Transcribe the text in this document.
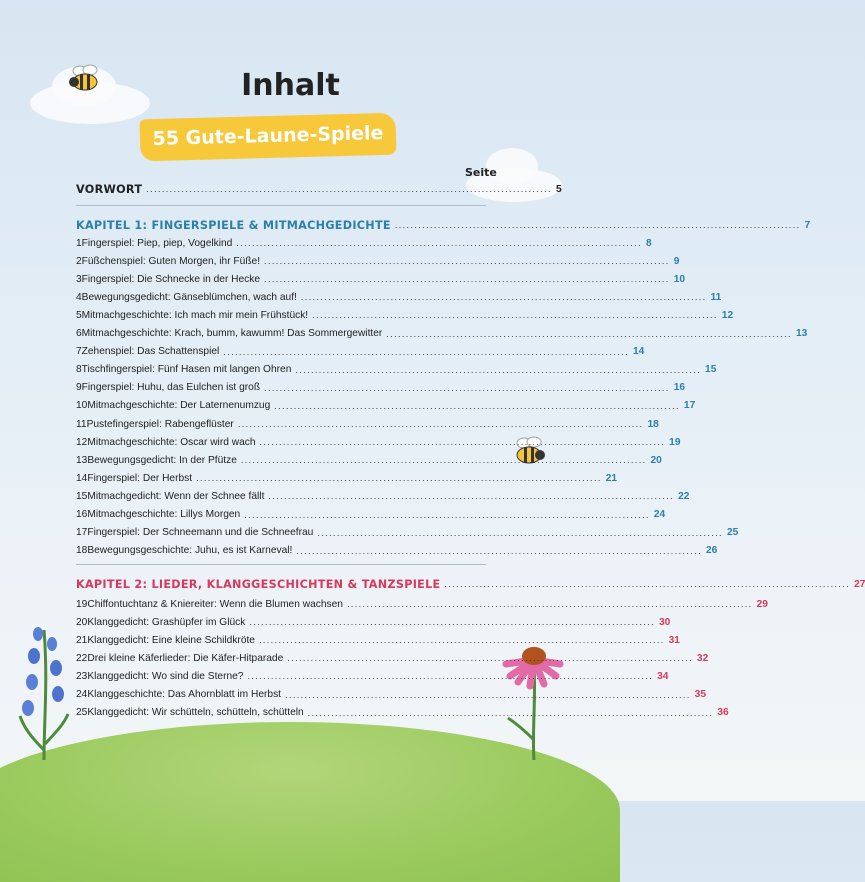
Inhalt
55 Gute-Laune-Spiele
Seite
VORWORT ........................................................................................................ 5
KAPITEL 1: FINGERSPIELE & MITMACHGEDICHTE ........................................................................................................ 7
1 Fingerspiel: Piep, piep, Vogelkind ........................................................................................................ 8
2 Füßchenspiel: Guten Morgen, ihr Füße! ........................................................................................................ 9
3 Fingerspiel: Die Schnecke in der Hecke ........................................................................................................ 10
4 Bewegungsgedicht: Gänseblümchen, wach auf! ........................................................................................................ 11
5 Mitmachgeschichte: Ich mach mir mein Frühstück! ........................................................................................................ 12
6 Mitmachgeschichte: Krach, bumm, kawumm! Das Sommergewitter ........................................................................................................ 13
7 Zehenspiel: Das Schattenspiel ........................................................................................................ 14
8 Tischfingerspiel: Fünf Hasen mit langen Ohren ........................................................................................................ 15
9 Fingerspiel: Huhu, das Eulchen ist groß ........................................................................................................ 16
10 Mitmachgeschichte: Der Laternenumzug ........................................................................................................ 17
11 Pustefingerspiel: Rabengeflüster ........................................................................................................ 18
12 Mitmachgeschichte: Oscar wird wach ........................................................................................................ 19
13 Bewegungsgedicht: In der Pfütze ........................................................................................................ 20
14 Fingerspiel: Der Herbst ........................................................................................................ 21
15 Mitmachgedicht: Wenn der Schnee fällt ........................................................................................................ 22
16 Mitmachgeschichte: Lillys Morgen ........................................................................................................ 24
17 Fingerspiel: Der Schneemann und die Schneefrau ........................................................................................................ 25
18 Bewegungsgeschichte: Juhu, es ist Karneval! ........................................................................................................ 26
KAPITEL 2: LIEDER, KLANGGESCHICHTEN & TANZSPIELE ........................................................................................................ 27
19 Chiffontuchtanz & Kniereiter: Wenn die Blumen wachsen ........................................................................................................ 29
20 Klanggedicht: Grashüpfer im Glück ........................................................................................................ 30
21 Klanggedicht: Eine kleine Schildkröte ........................................................................................................ 31
22 Drei kleine Käferlieder: Die Käfer-Hitparade ........................................................................................................ 32
23 Klanggedicht: Wo sind die Sterne? ........................................................................................................ 34
24 Klanggeschichte: Das Ahornblatt im Herbst ........................................................................................................ 35
25 Klanggedicht: Wir schütteln, schütteln, schütteln ........................................................................................................ 36
